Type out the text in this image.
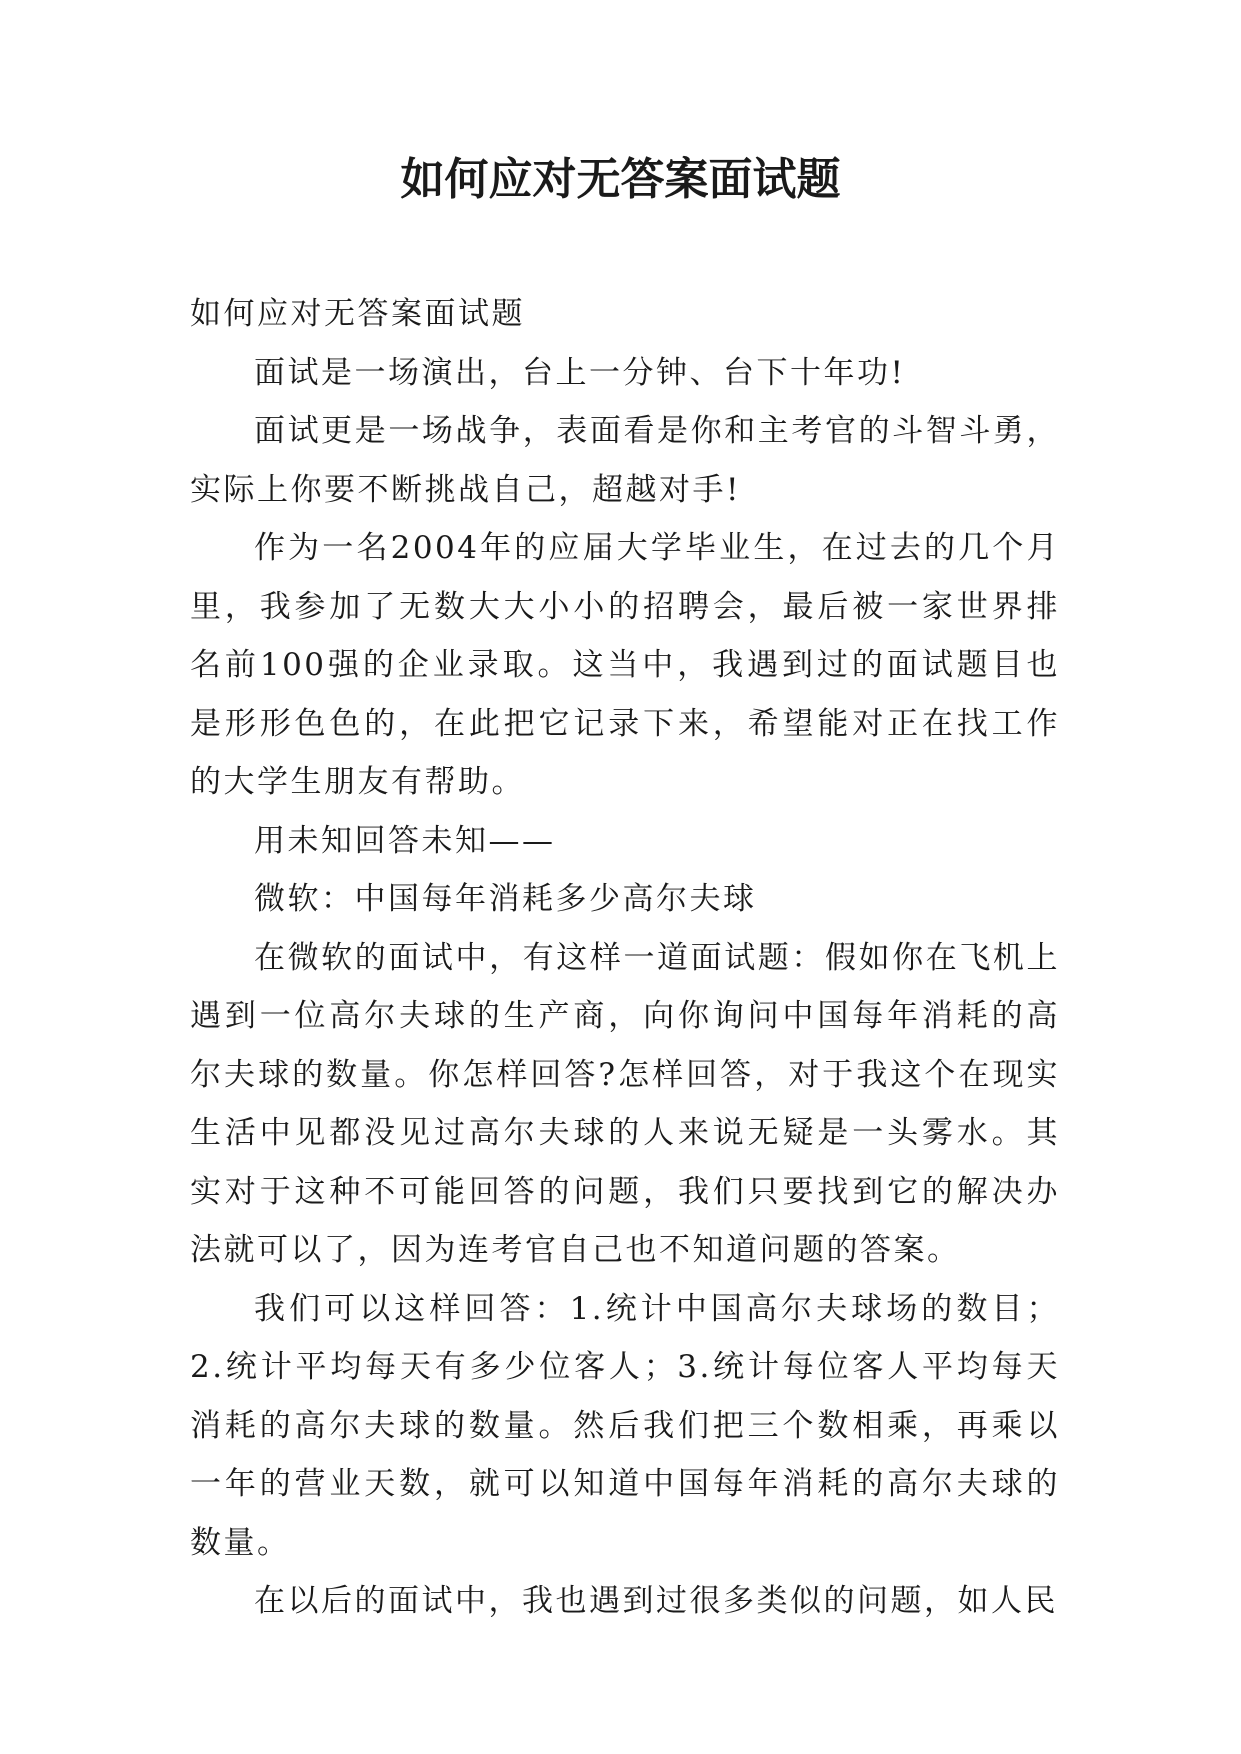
如何应对无答案面试题

如何应对无答案面试题

面试是一场演出，台上一分钟、台下十年功!

面试更是一场战争，表面看是你和主考官的斗智斗勇，实际上你要不断挑战自己，超越对手!

作为一名2004年的应届大学毕业生，在过去的几个月里，我参加了无数大大小小的招聘会，最后被一家世界排名前100强的企业录取。这当中，我遇到过的面试题目也是形形色色的，在此把它记录下来，希望能对正在找工作的大学生朋友有帮助。

用未知回答未知——

微软：中国每年消耗多少高尔夫球

在微软的面试中，有这样一道面试题：假如你在飞机上遇到一位高尔夫球的生产商，向你询问中国每年消耗的高尔夫球的数量。你怎样回答?怎样回答，对于我这个在现实生活中见都没见过高尔夫球的人来说无疑是一头雾水。其实对于这种不可能回答的问题，我们只要找到它的解决办法就可以了，因为连考官自己也不知道问题的答案。

我们可以这样回答：1.统计中国高尔夫球场的数目；2.统计平均每天有多少位客人；3.统计每位客人平均每天消耗的高尔夫球的数量。然后我们把三个数相乘，再乘以一年的营业天数，就可以知道中国每年消耗的高尔夫球的数量。

在以后的面试中，我也遇到过很多类似的问题，如人民
